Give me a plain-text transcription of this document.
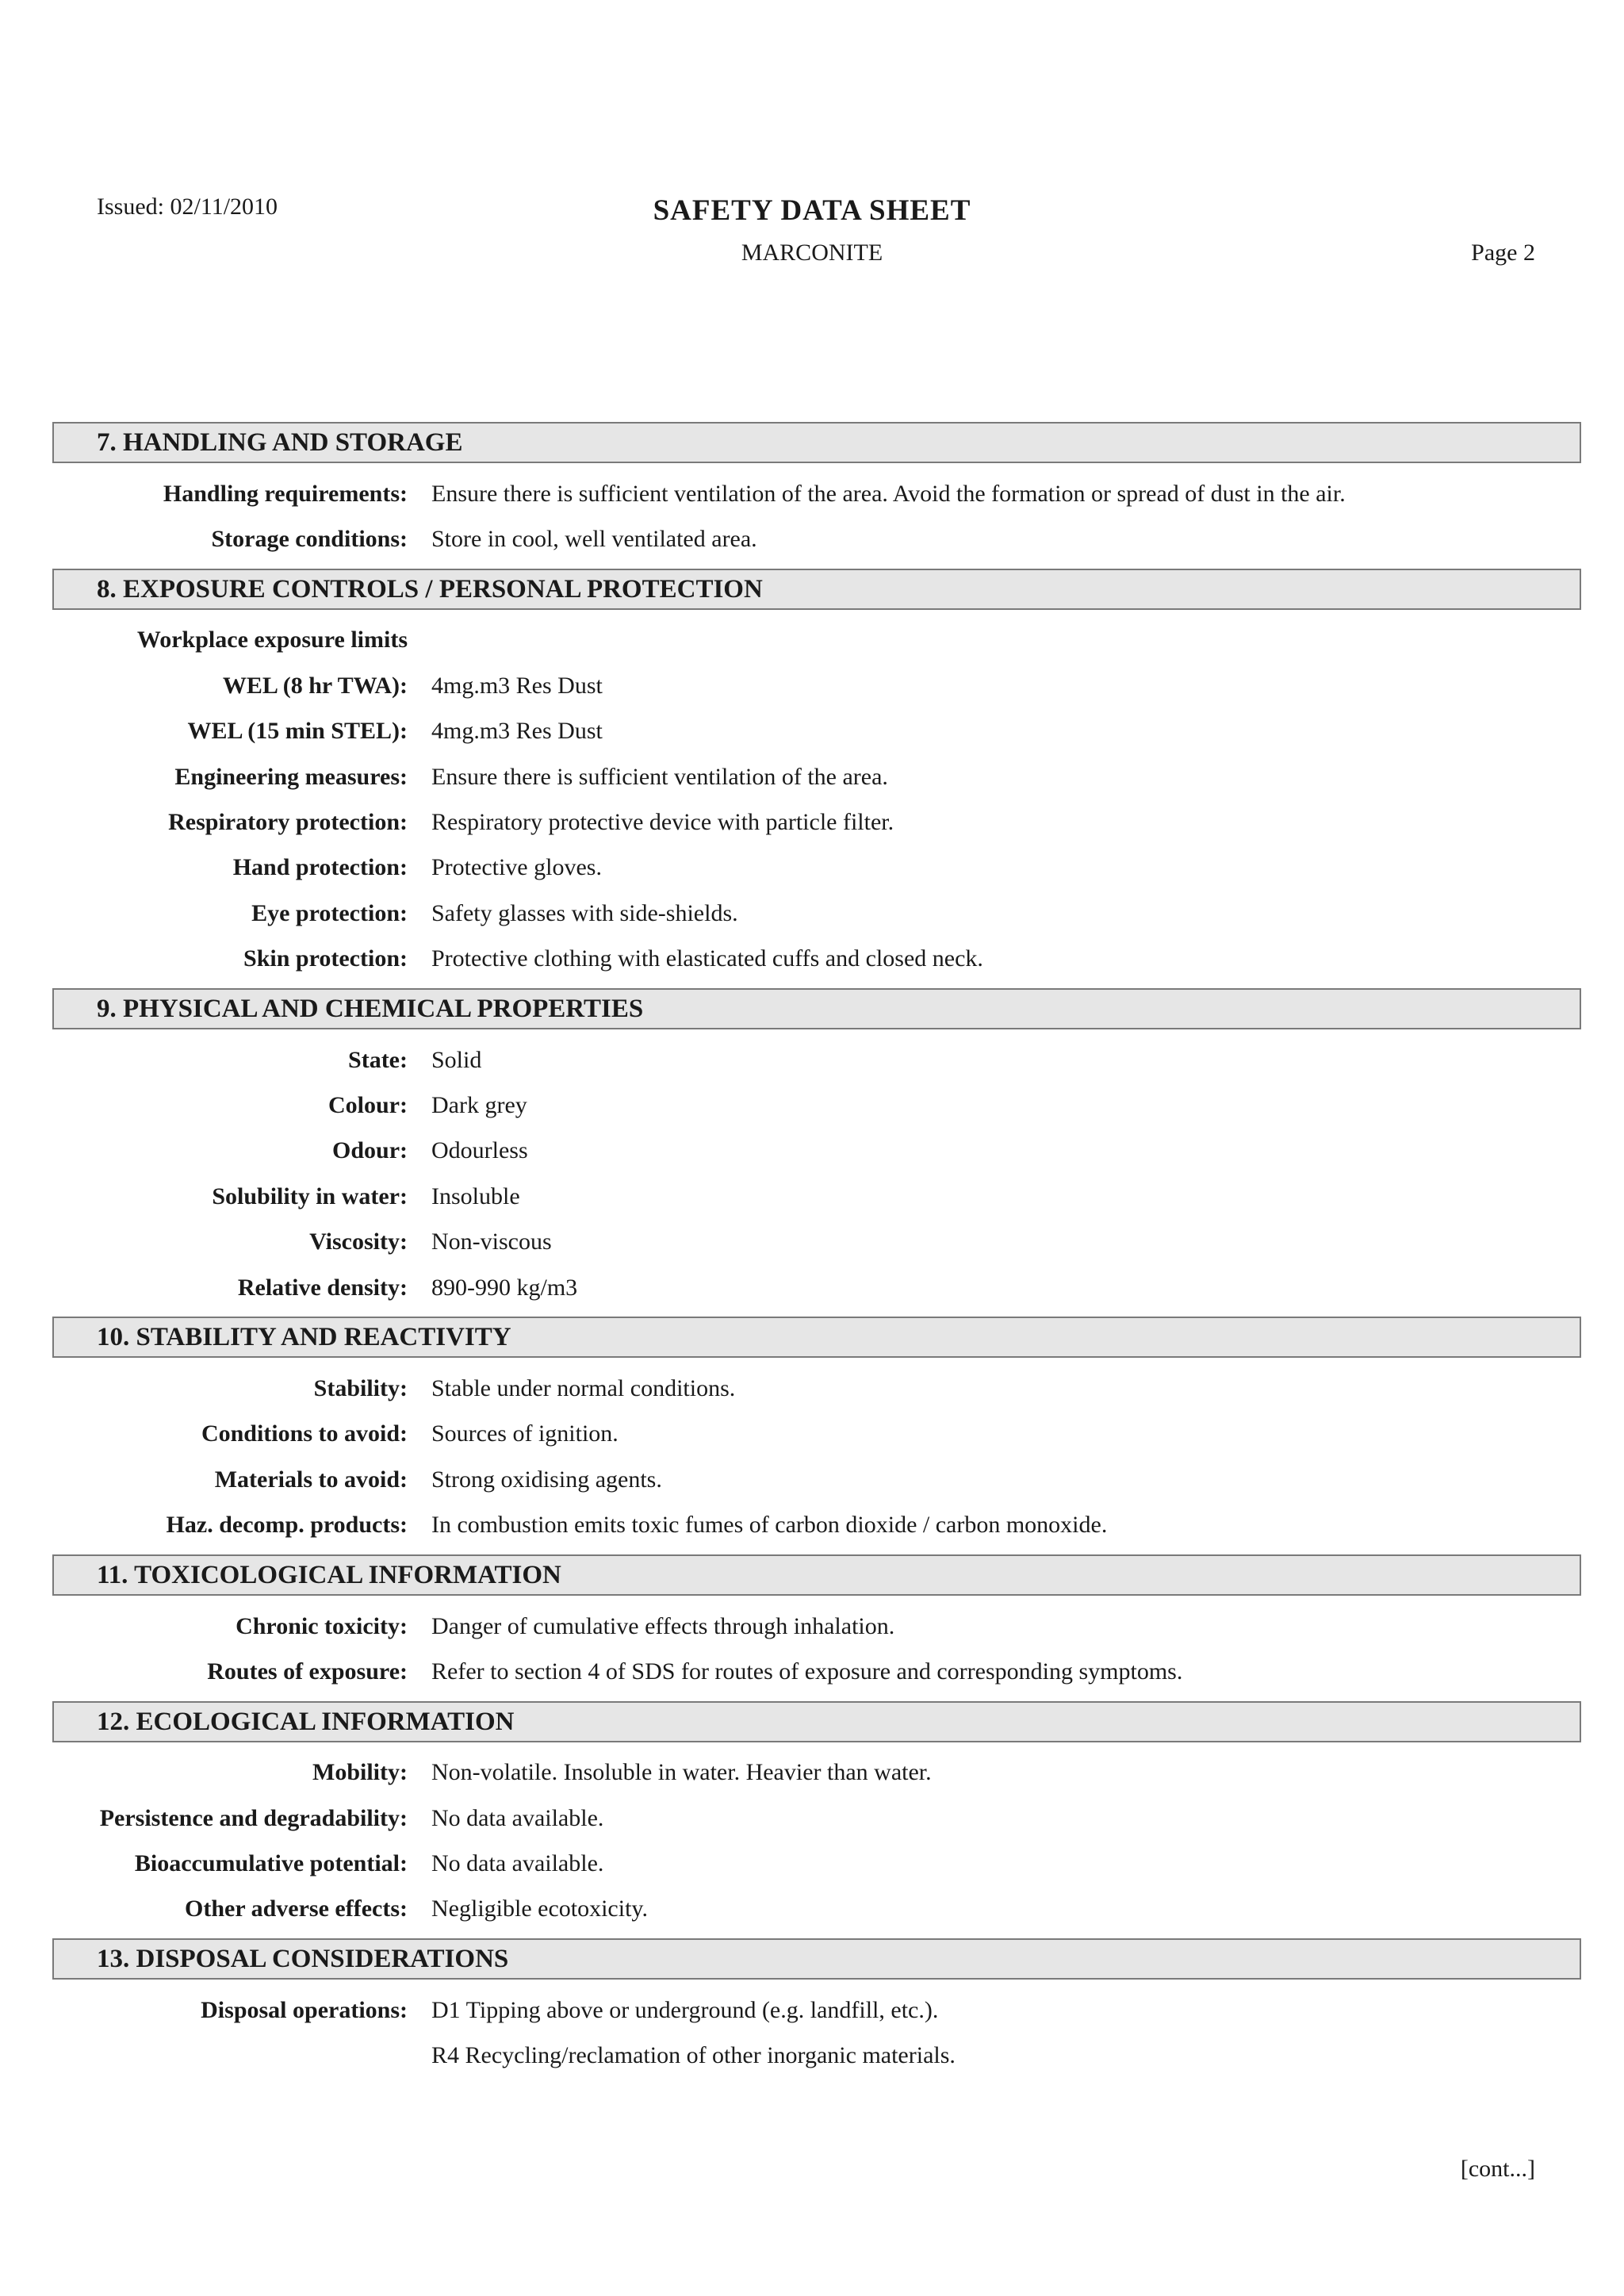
Issued: 02/11/2010	SAFETY DATA SHEET
MARCONITE	Page 2
7. HANDLING AND STORAGE
Handling requirements: Ensure there is sufficient ventilation of the area. Avoid the formation or spread of dust in the air.
Storage conditions: Store in cool, well ventilated area.
8. EXPOSURE CONTROLS / PERSONAL PROTECTION
Workplace exposure limits
WEL (8 hr TWA): 4mg.m3 Res Dust
WEL (15 min STEL): 4mg.m3 Res Dust
Engineering measures: Ensure there is sufficient ventilation of the area.
Respiratory protection: Respiratory protective device with particle filter.
Hand protection: Protective gloves.
Eye protection: Safety glasses with side-shields.
Skin protection: Protective clothing with elasticated cuffs and closed neck.
9. PHYSICAL AND CHEMICAL PROPERTIES
State: Solid
Colour: Dark grey
Odour: Odourless
Solubility in water: Insoluble
Viscosity: Non-viscous
Relative density: 890-990 kg/m3
10. STABILITY AND REACTIVITY
Stability: Stable under normal conditions.
Conditions to avoid: Sources of ignition.
Materials to avoid: Strong oxidising agents.
Haz. decomp. products: In combustion emits toxic fumes of carbon dioxide / carbon monoxide.
11. TOXICOLOGICAL INFORMATION
Chronic toxicity: Danger of cumulative effects through inhalation.
Routes of exposure: Refer to section 4 of SDS for routes of exposure and corresponding symptoms.
12. ECOLOGICAL INFORMATION
Mobility: Non-volatile. Insoluble in water. Heavier than water.
Persistence and degradability: No data available.
Bioaccumulative potential: No data available.
Other adverse effects: Negligible ecotoxicity.
13. DISPOSAL CONSIDERATIONS
Disposal operations: D1 Tipping above or underground (e.g. landfill, etc.).
R4 Recycling/reclamation of other inorganic materials.
[cont...]
